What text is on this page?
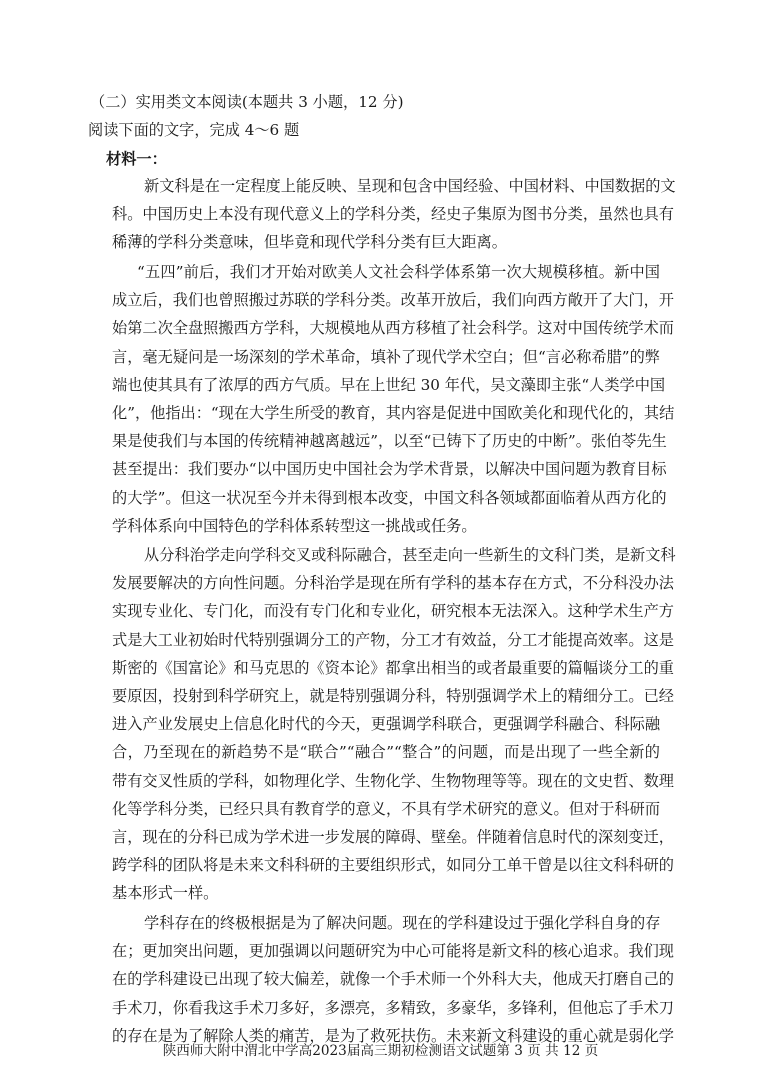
（二）实用类文本阅读(本题共 3 小题，12 分)
阅读下面的文字，完成 4～6 题
材料一：
新文科是在一定程度上能反映、呈现和包含中国经验、中国材料、中国数据的文
科。中国历史上本没有现代意义上的学科分类，经史子集原为图书分类，虽然也具有
稀薄的学科分类意味，但毕竟和现代学科分类有巨大距离。
“五四”前后，我们才开始对欧美人文社会科学体系第一次大规模移植。新中国
成立后，我们也曾照搬过苏联的学科分类。改革开放后，我们向西方敞开了大门，开
始第二次全盘照搬西方学科，大规模地从西方移植了社会科学。这对中国传统学术而
言，毫无疑问是一场深刻的学术革命，填补了现代学术空白；但“言必称希腊”的弊
端也使其具有了浓厚的西方气质。早在上世纪 30 年代，吴文藻即主张“人类学中国
化”，他指出：“现在大学生所受的教育，其内容是促进中国欧美化和现代化的，其结
果是使我们与本国的传统精神越离越远”，以至“已铸下了历史的中断”。张伯苓先生
甚至提出：我们要办“以中国历史中国社会为学术背景，以解决中国问题为教育目标
的大学”。但这一状况至今并未得到根本改变，中国文科各领域都面临着从西方化的
学科体系向中国特色的学科体系转型这一挑战或任务。
从分科治学走向学科交叉或科际融合，甚至走向一些新生的文科门类，是新文科
发展要解决的方向性问题。分科治学是现在所有学科的基本存在方式，不分科没办法
实现专业化、专门化，而没有专门化和专业化，研究根本无法深入。这种学术生产方
式是大工业初始时代特别强调分工的产物，分工才有效益，分工才能提高效率。这是
斯密的《国富论》和马克思的《资本论》都拿出相当的或者最重要的篇幅谈分工的重
要原因，投射到科学研究上，就是特别强调分科，特别强调学术上的精细分工。已经
进入产业发展史上信息化时代的今天，更强调学科联合，更强调学科融合、科际融
合，乃至现在的新趋势不是“联合”“融合”“整合”的问题，而是出现了一些全新的
带有交叉性质的学科，如物理化学、生物化学、生物物理等等。现在的文史哲、数理
化等学科分类，已经只具有教育学的意义，不具有学术研究的意义。但对于科研而
言，现在的分科已成为学术进一步发展的障碍、壁垒。伴随着信息时代的深刻变迁，
跨学科的团队将是未来文科科研的主要组织形式，如同分工单干曾是以往文科科研的
基本形式一样。
学科存在的终极根据是为了解决问题。现在的学科建设过于强化学科自身的存
在；更加突出问题，更加强调以问题研究为中心可能将是新文科的核心追求。我们现
在的学科建设已出现了较大偏差，就像一个手术师一个外科大夫，他成天打磨自己的
手术刀，你看我这手术刀多好，多漂亮，多精致，多豪华，多锋利，但他忘了手术刀
的存在是为了解除人类的痛苦，是为了救死扶伤。未来新文科建设的重心就是弱化学
陕西师大附中渭北中学高2023届高三期初检测语文试题第 3 页 共 12 页
